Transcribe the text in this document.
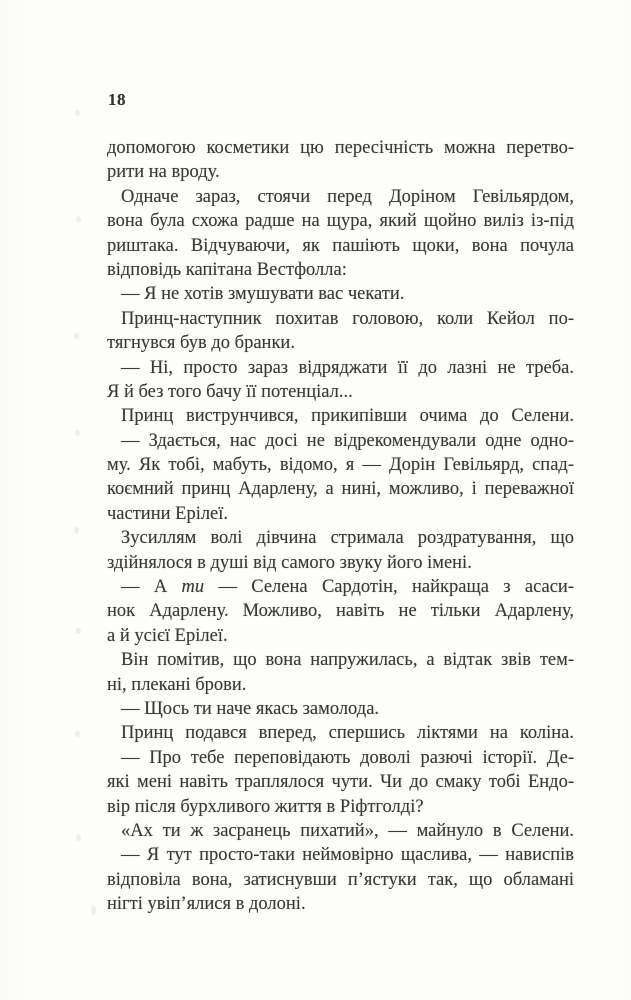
18
допомогою косметики цю пересічність можна перетво-
рити на вроду.
Одначе зараз, стоячи перед Доріном Гевільярдом,
вона була схожа радше на щура, який щойно виліз із-під
риштака. Відчуваючи, як пашіють щоки, вона почула
відповідь капітана Вестфолла:
— Я не хотів змушувати вас чекати.
Принц-наступник похитав головою, коли Кейол по-
тягнувся був до бранки.
— Ні, просто зараз відряджати її до лазні не треба.
Я й без того бачу її потенціал...
Принц виструнчився, прикипівши очима до Селени.
— Здається, нас досі не відрекомендували одне одно-
му. Як тобі, мабуть, відомо, я — Дорін Гевільярд, спад-
коємний принц Адарлену, а нині, можливо, і переважної
частини Ерілеї.
Зусиллям волі дівчина стримала роздратування, що
здійнялося в душі від самого звуку його імені.
— А ти — Селена Сардотін, найкраща з асаси-
нок Адарлену. Можливо, навіть не тільки Адарлену,
а й усієї Ерілеї.
Він помітив, що вона напружилась, а відтак звів тем-
ні, плекані брови.
— Щось ти наче якась замолода.
Принц подався вперед, спершись ліктями на коліна.
— Про тебе переповідають доволі разючі історії. Де-
які мені навіть траплялося чути. Чи до смаку тобі Ендо-
вір після бурхливого життя в Ріфтголді?
«Ах ти ж засранець пихатий», — майнуло в Селени.
— Я тут просто-таки неймовірно щаслива, — нависпів
відповіла вона, затиснувши п’ястуки так, що обламані
нігті увіп’ялися в долоні.
